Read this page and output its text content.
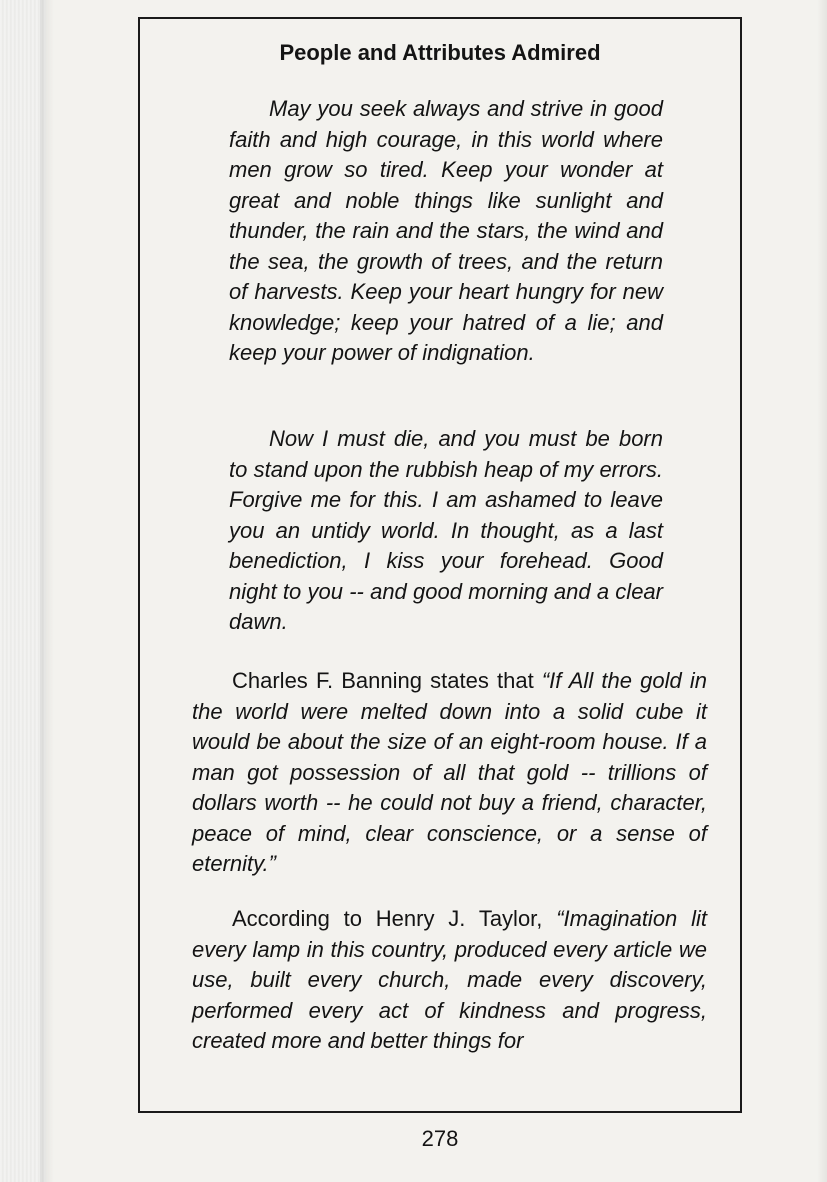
People and Attributes Admired

May you seek always and strive in good faith and high courage, in this world where men grow so tired. Keep your wonder at great and noble things like sunlight and thunder, the rain and the stars, the wind and the sea, the growth of trees, and the return of harvests. Keep your heart hungry for new knowledge; keep your hatred of a lie; and keep your power of indignation.

Now I must die, and you must be born to stand upon the rubbish heap of my errors. Forgive me for this. I am ashamed to leave you an untidy world. In thought, as a last benediction, I kiss your forehead. Good night to you -- and good morning and a clear dawn.

Charles F. Banning states that “If All the gold in the world were melted down into a solid cube it would be about the size of an eight-room house. If a man got possession of all that gold -- trillions of dollars worth -- he could not buy a friend, character, peace of mind, clear conscience, or a sense of eternity.”

According to Henry J. Taylor, “Imagination lit every lamp in this country, produced every article we use, built every church, made every discovery, performed every act of kindness and progress, created more and better things for

278
